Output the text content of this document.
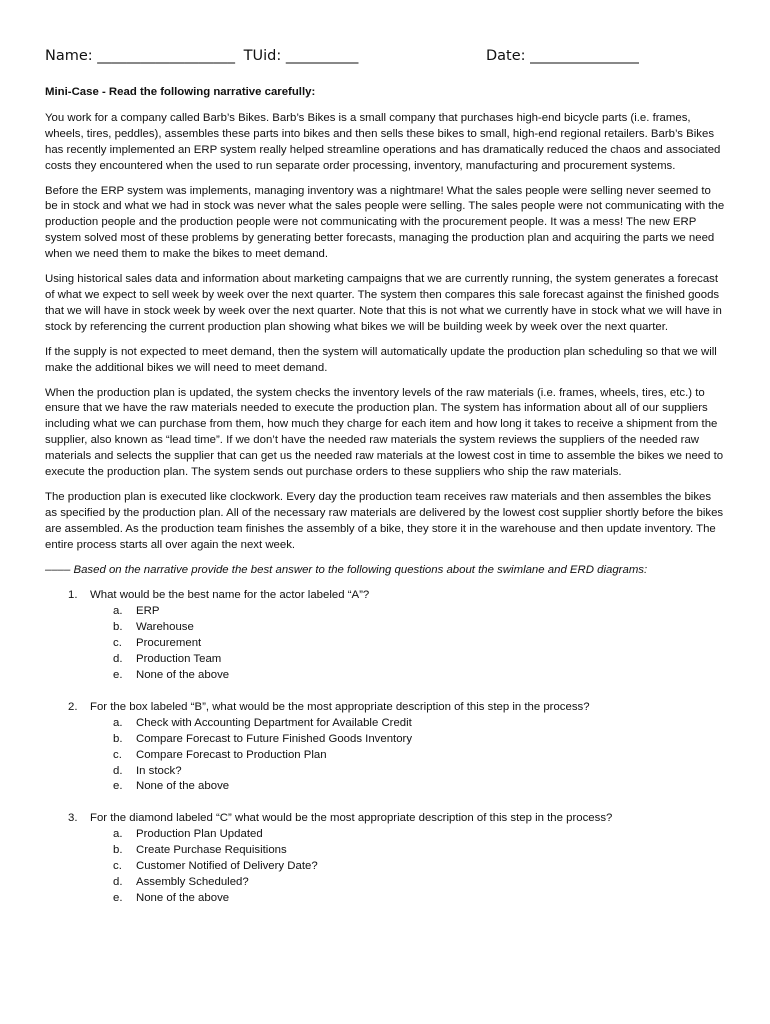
Name: ___________________ TUid: __________	Date: _______________

Mini-Case - Read the following narrative carefully:

You work for a company called Barb’s Bikes. Barb’s Bikes is a small company that purchases high-end bicycle parts (i.e. frames, wheels, tires, peddles), assembles these parts into bikes and then sells these bikes to small, high-end regional retailers. Barb’s Bikes has recently implemented an ERP system really helped streamline operations and has dramatically reduced the chaos and associated costs they encountered when the used to run separate order processing, inventory, manufacturing and procurement systems.

Before the ERP system was implements, managing inventory was a nightmare! What the sales people were selling never seemed to be in stock and what we had in stock was never what the sales people were selling. The sales people were not communicating with the production people and the production people were not communicating with the procurement people. It was a mess! The new ERP system solved most of these problems by generating better forecasts, managing the production plan and acquiring the parts we need when we need them to make the bikes to meet demand.

Using historical sales data and information about marketing campaigns that we are currently running, the system generates a forecast of what we expect to sell week by week over the next quarter. The system then compares this sale forecast against the finished goods that we will have in stock week by week over the next quarter. Note that this is not what we currently have in stock what we will have in stock by referencing the current production plan showing what bikes we will be building week by week over the next quarter.

If the supply is not expected to meet demand, then the system will automatically update the production plan scheduling so that we will make the additional bikes we will need to meet demand.

When the production plan is updated, the system checks the inventory levels of the raw materials (i.e. frames, wheels, tires, etc.) to ensure that we have the raw materials needed to execute the production plan. The system has information about all of our suppliers including what we can purchase from them, how much they charge for each item and how long it takes to receive a shipment from the supplier, also known as “lead time”. If we don’t have the needed raw materials the system reviews the suppliers of the needed raw materials and selects the supplier that can get us the needed raw materials at the lowest cost in time to assemble the bikes we need to execute the production plan. The system sends out purchase orders to these suppliers who ship the raw materials.

The production plan is executed like clockwork. Every day the production team receives raw materials and then assembles the bikes as specified by the production plan. All of the necessary raw materials are delivered by the lowest cost supplier shortly before the bikes are assembled. As the production team finishes the assembly of a bike, they store it in the warehouse and then update inventory. The entire process starts all over again the next week.

–––– Based on the narrative provide the best answer to the following questions about the swimlane and ERD diagrams:

1. What would be the best name for the actor labeled “A”?
a. ERP
b. Warehouse
c. Procurement
d. Production Team
e. None of the above
2. For the box labeled “B”, what would be the most appropriate description of this step in the process?
a. Check with Accounting Department for Available Credit
b. Compare Forecast to Future Finished Goods Inventory
c. Compare Forecast to Production Plan
d. In stock?
e. None of the above
3. For the diamond labeled “C” what would be the most appropriate description of this step in the process?
a. Production Plan Updated
b. Create Purchase Requisitions
c. Customer Notified of Delivery Date?
d. Assembly Scheduled?
e. None of the above
